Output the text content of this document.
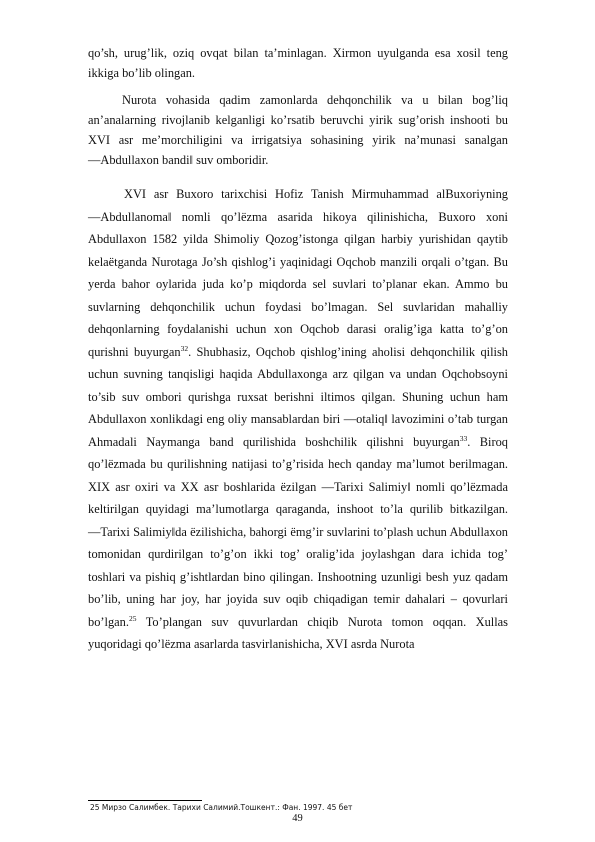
qo’sh, urug’lik, oziq ovqat bilan ta’minlagan. Xirmon uyulganda esa xosil teng ikkiga bo’lib olingan.

Nurota vohasida qadim zamonlarda dehqonchilik va u bilan bog’liq an’analarning rivojlanib kelganligi ko’rsatib beruvchi yirik sug’orish inshooti bu XVI asr me’morchiligini va irrigatsiya sohasining yirik na’munasi sanalgan ―Abdullaxon bandi‖ suv omboridir.

XVI asr Buxoro tarixchisi Hofiz Tanish Mirmuhammad alBuxoriyning ―Abdullanoma‖ nomli qo’lёzma asarida hikoya qilinishicha, Buxoro xoni Abdullaxon 1582 yilda Shimoliy Qozog’istonga qilgan harbiy yurishidan qaytib kelaёtganda Nurotaga Jo’sh qishlog’i yaqinidagi Oqchob manzili orqali o’tgan. Bu yerda bahor oylarida juda ko’p miqdorda sel suvlari to’planar ekan. Ammo bu suvlarning dehqonchilik uchun foydasi bo’lmagan. Sel suvlaridan mahalliy dehqonlarning foydalanishi uchun xon Oqchob darasi oralig’iga katta to’g’on qurishni buyurgan$^{32}$. Shubhasiz, Oqchob qishlog’ining aholisi dehqonchilik qilish uchun suvning tanqisligi haqida Abdullaxonga arz qilgan va undan Oqchobsoyni to’sib suv ombori qurishga ruxsat berishni iltimos qilgan. Shuning uchun ham Abdullaxon xonlikdagi eng oliy mansablardan biri ―otaliq‖ lavozimini o’tab turgan Ahmadali Naymanga band qurilishida boshchilik qilishni buyurgan$^{33}$. Biroq qo’lёzmada bu qurilishning natijasi to’g’risida hech qanday ma’lumot berilmagan. XIX asr oxiri va XX asr boshlarida ёzilgan ―Tarixi Salimiy‖ nomli qo’lёzmada keltirilgan quyidagi ma’lumotlarga qaraganda, inshoot to’la qurilib bitkazilgan. ―Tarixi Salimiy‖da ёzilishicha, bahorgi ёmg’ir suvlarini to’plash uchun Abdullaxon tomonidan qurdirilgan to’g’on ikki tog’ oralig’ida joylashgan dara ichida tog’ toshlari va pishiq g’ishtlardan bino qilingan. Inshootning uzunligi besh yuz qadam bo’lib, uning har joy, har joyida suv oqib chiqadigan temir dahalari – qovurlari bo’lgan.$^{25}$ To’plangan suv quvurlardan chiqib Nurota tomon oqqan. Xullas yuqoridagi qo’lёzma asarlarda tasvirlanishicha, XVI asrda Nurota

25 Мирзо Салимбек. Тарихи Салимий.Тошкент.: Фан. 1997. 45 бет
49
